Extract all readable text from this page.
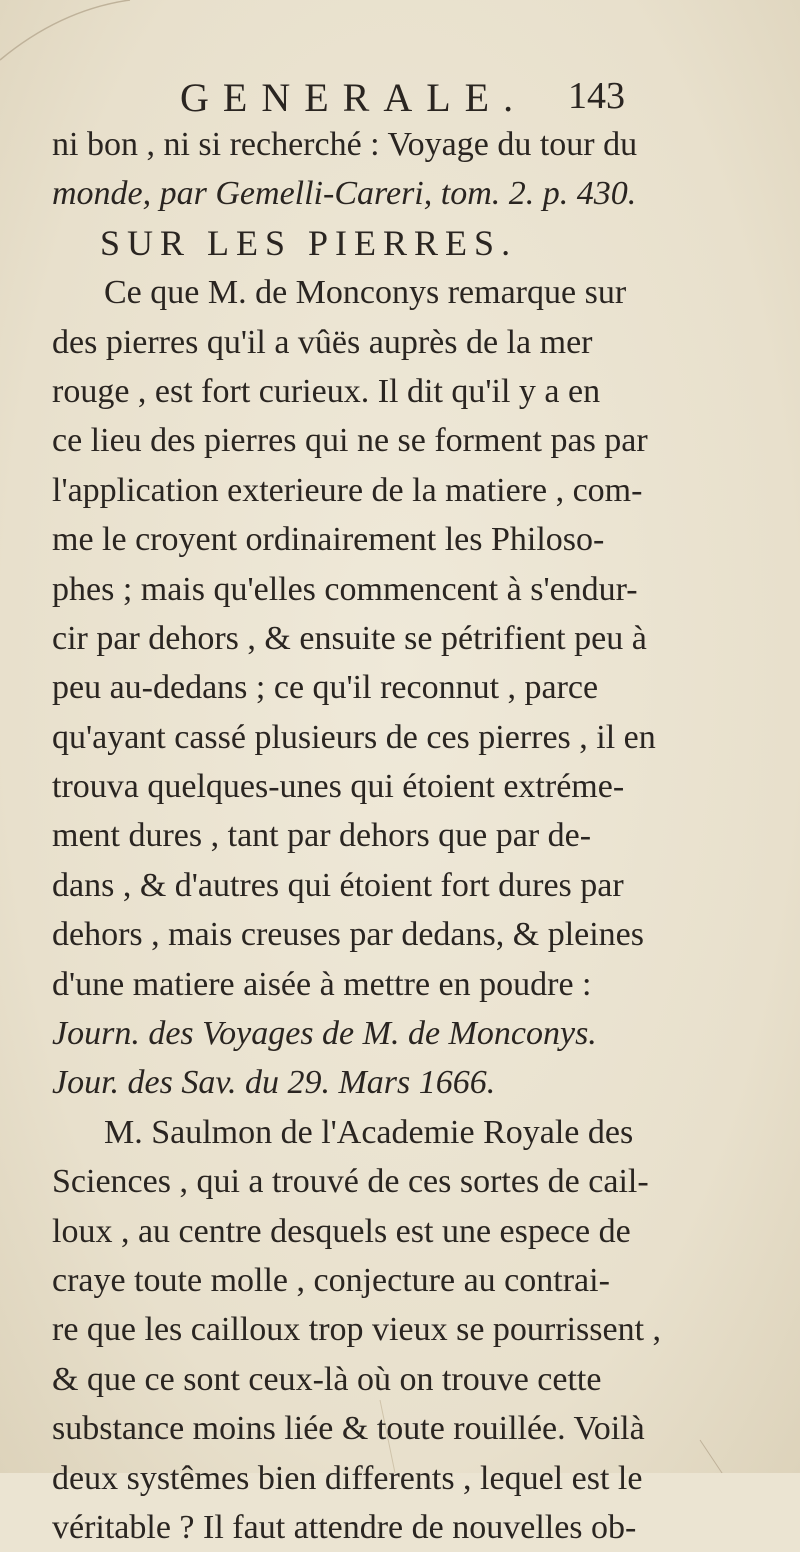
GENERALE. 143
ni bon , ni si recherché : Voyage du tour du
monde, par Gemelli-Careri, tom. 2. p. 430.
SUR LES PIERRES.
Ce que M. de Monconys remarque sur
des pierres qu'il a vûës auprès de la mer
rouge , est fort curieux. Il dit qu'il y a en
ce lieu des pierres qui ne se forment pas par
l'application exterieure de la matiere , com-
me le croyent ordinairement les Philoso-
phes ; mais qu'elles commencent à s'endur-
cir par dehors , & ensuite se pétrifient peu à
peu au-dedans ; ce qu'il reconnut , parce
qu'ayant cassé plusieurs de ces pierres , il en
trouva quelques-unes qui étoient extréme-
ment dures , tant par dehors que par de-
dans , & d'autres qui étoient fort dures par
dehors , mais creuses par dedans, & pleines
d'une matiere aisée à mettre en poudre :
Journ. des Voyages de M. de Monconys.
Jour. des Sav. du 29. Mars 1666.
M. Saulmon de l'Academie Royale des
Sciences , qui a trouvé de ces sortes de cail-
loux , au centre desquels est une espece de
craye toute molle , conjecture au contrai-
re que les cailloux trop vieux se pourrissent ,
& que ce sont ceux-là où on trouve cette
substance moins liée & toute rouillée. Voilà
deux systêmes bien differents , lequel est le
véritable ? Il faut attendre de nouvelles ob-
